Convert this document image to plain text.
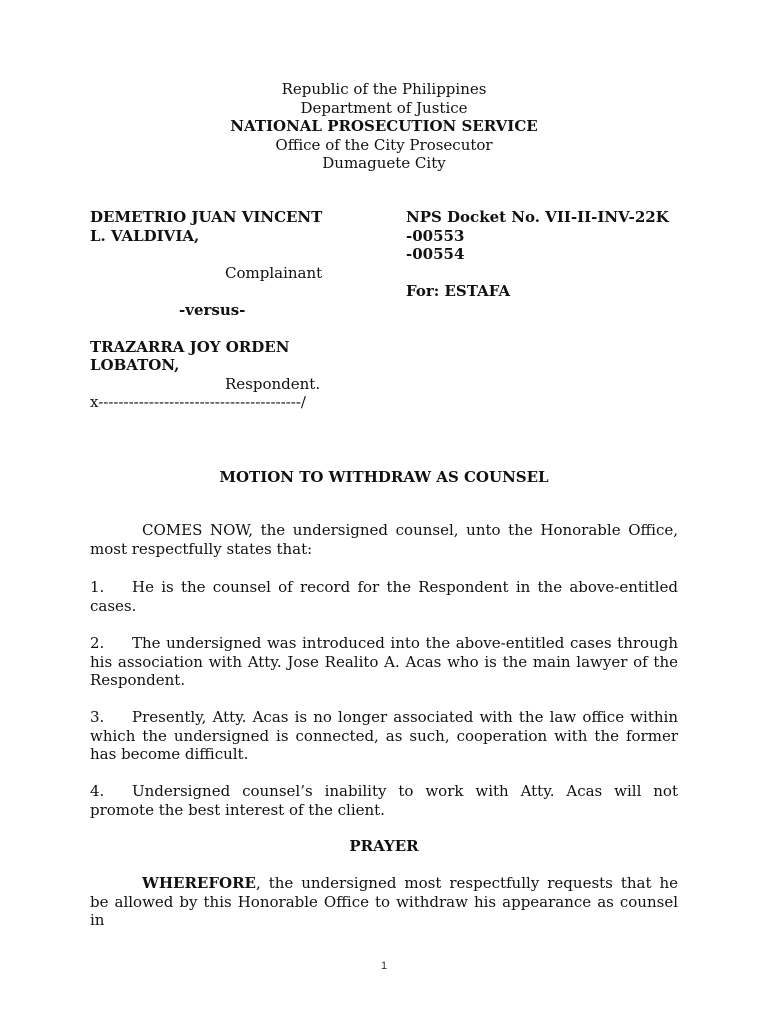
Republic of the Philippines
Department of Justice
NATIONAL PROSECUTION SERVICE
Office of the City Prosecutor
Dumaguete City
DEMETRIO JUAN VINCENT
L. VALDIVIA,
Complainant
-versus-
TRAZARRA JOY ORDEN
LOBATON,
Respondent.
x----------------------------------------/
NPS Docket No. VII-II-INV-22K
-00553
-00554
For: ESTAFA
MOTION TO WITHDRAW AS COUNSEL

COMES NOW, the undersigned counsel, unto the Honorable Office, most respectfully states that:

1. He is the counsel of record for the Respondent in the above-entitled cases.

2. The undersigned was introduced into the above-entitled cases through his association with Atty. Jose Realito A. Acas who is the main lawyer of the Respondent.

3. Presently, Atty. Acas is no longer associated with the law office within which the undersigned is connected, as such, cooperation with the former has become difficult.

4. Undersigned counsel’s inability to work with Atty. Acas will not promote the best interest of the client.

PRAYER

WHEREFORE, the undersigned most respectfully requests that he be allowed by this Honorable Office to withdraw his appearance as counsel in

1
